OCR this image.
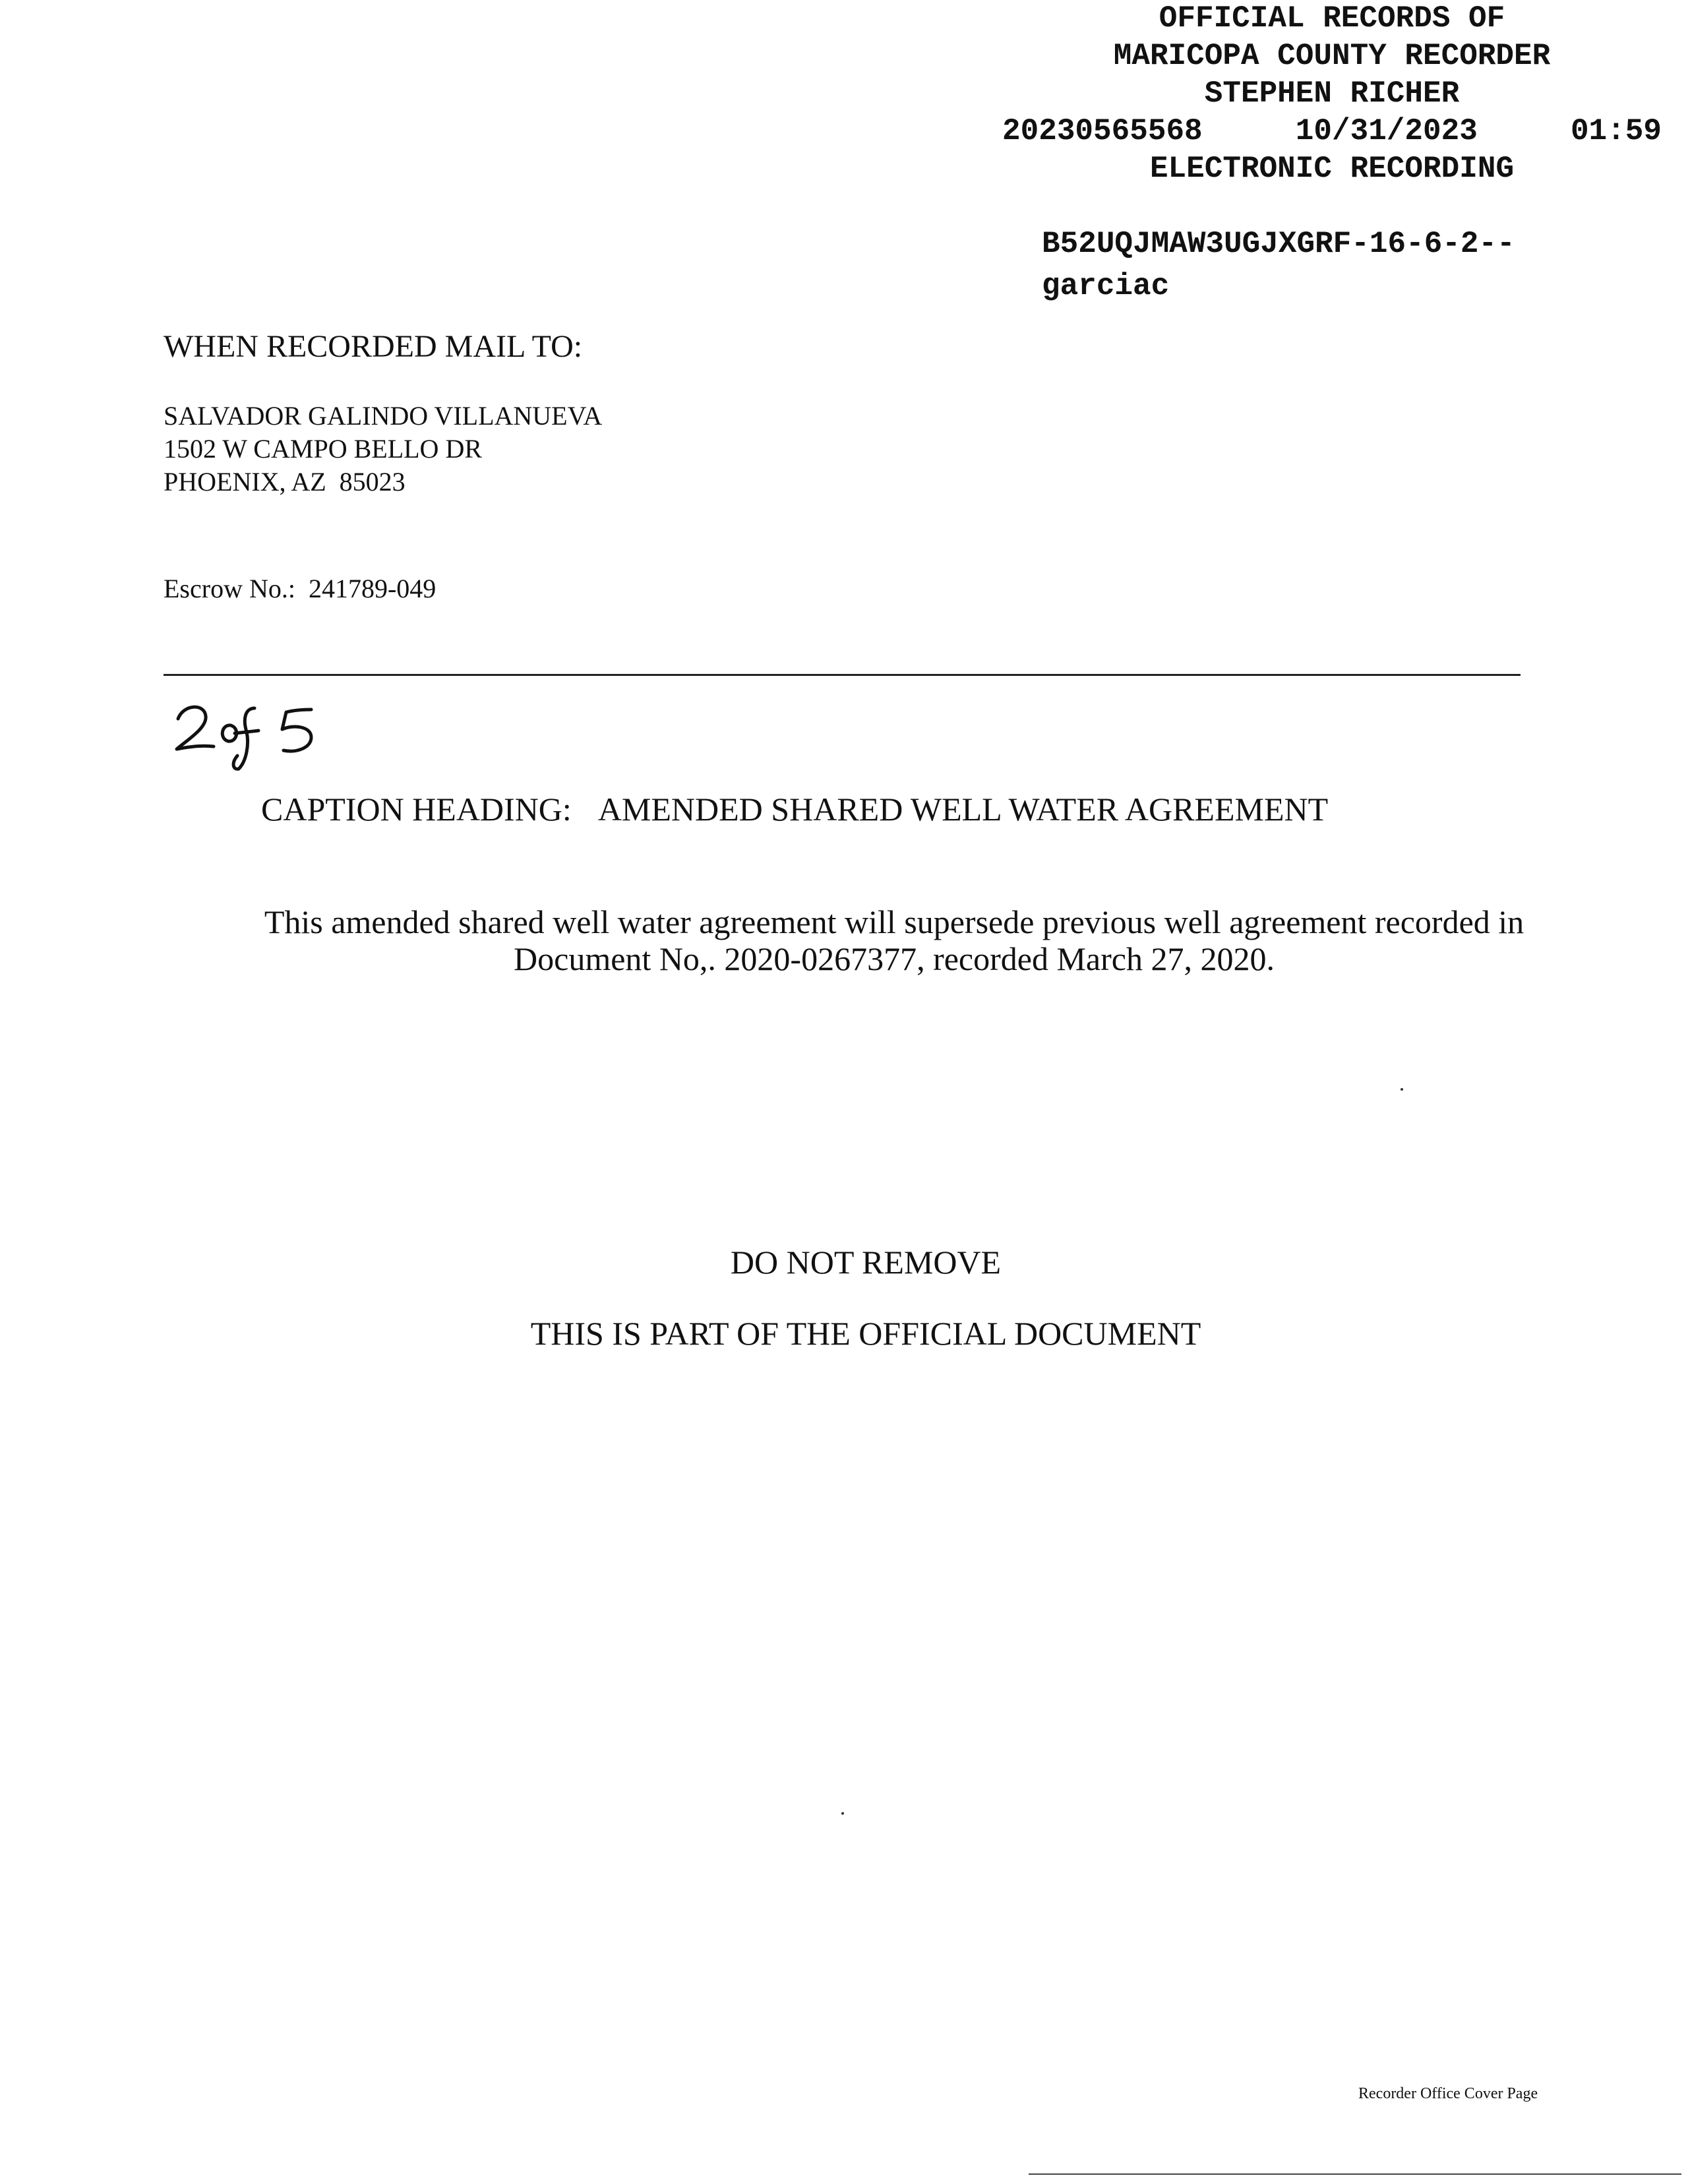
OFFICIAL RECORDS OF
MARICOPA COUNTY RECORDER
STEPHEN RICHER
20230565568	10/31/2023	01:59
ELECTRONIC RECORDING
B52UQJMAW3UGJXGRF-16-6-2--
garciac
WHEN RECORDED MAIL TO:
SALVADOR GALINDO VILLANUEVA
1502 W CAMPO BELLO DR
PHOENIX, AZ  85023
Escrow No.: 241789-049
CAPTION HEADING: AMENDED SHARED WELL WATER AGREEMENT
This amended shared well water agreement will supersede previous well agreement recorded in
Document No,. 2020-0267377, recorded March 27, 2020.
DO NOT REMOVE
THIS IS PART OF THE OFFICIAL DOCUMENT
Recorder Office Cover Page
